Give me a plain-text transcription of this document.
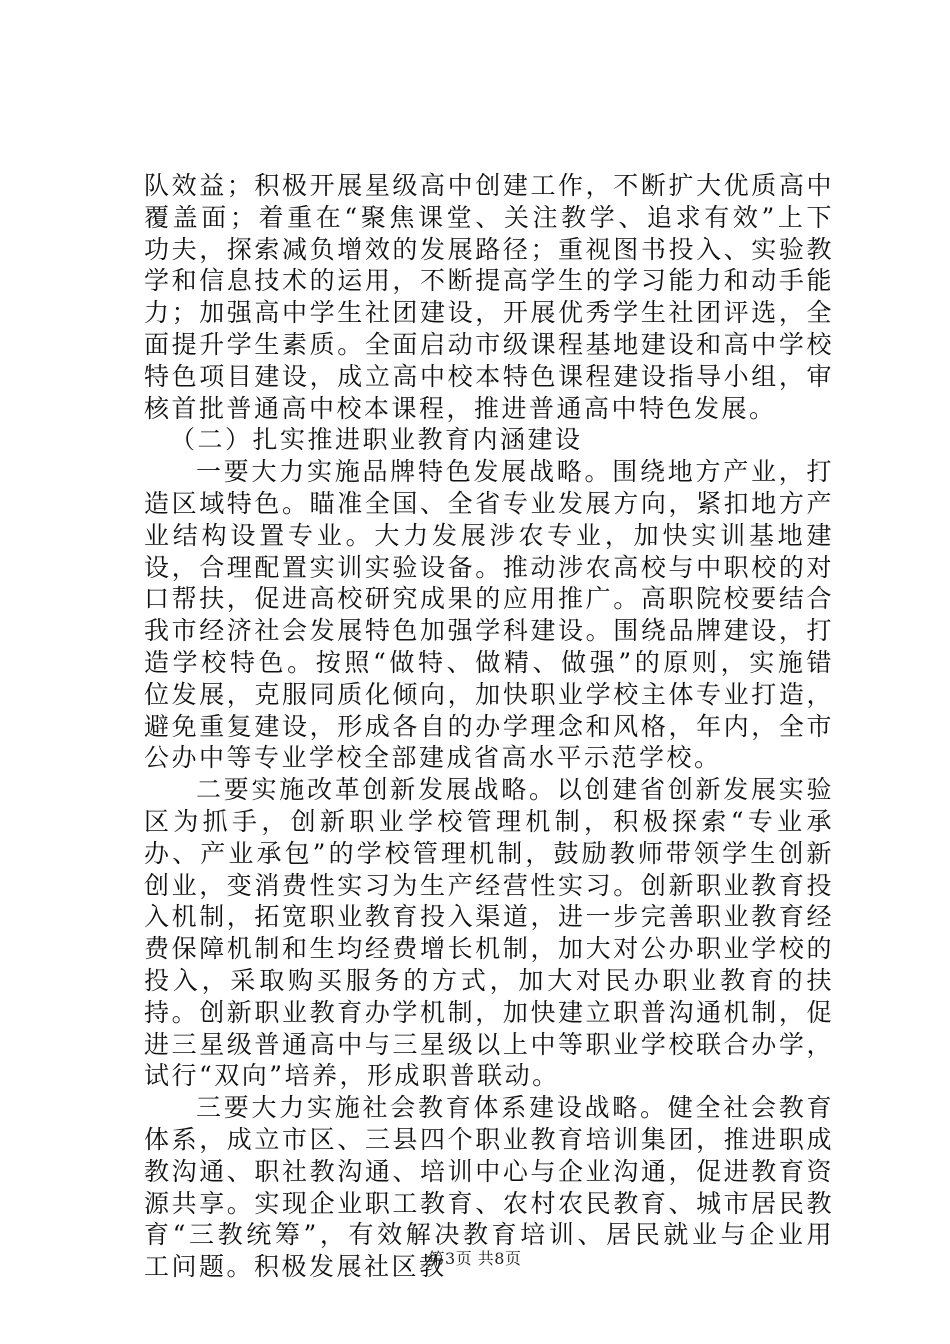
队效益；积极开展星级高中创建工作，不断扩大优质高中覆盖面；着重在“聚焦课堂、关注教学、追求有效”上下功夫，探索减负增效的发展路径；重视图书投入、实验教学和信息技术的运用，不断提高学生的学习能力和动手能力；加强高中学生社团建设，开展优秀学生社团评选，全面提升学生素质。全面启动市级课程基地建设和高中学校特色项目建设，成立高中校本特色课程建设指导小组，审核首批普通高中校本课程，推进普通高中特色发展。

（二）扎实推进职业教育内涵建设

一要大力实施品牌特色发展战略。围绕地方产业，打造区域特色。瞄准全国、全省专业发展方向，紧扣地方产业结构设置专业。大力发展涉农专业，加快实训基地建设，合理配置实训实验设备。推动涉农高校与中职校的对口帮扶，促进高校研究成果的应用推广。高职院校要结合我市经济社会发展特色加强学科建设。围绕品牌建设，打造学校特色。按照“做特、做精、做强”的原则，实施错位发展，克服同质化倾向，加快职业学校主体专业打造，避免重复建设，形成各自的办学理念和风格，年内，全市公办中等专业学校全部建成省高水平示范学校。

二要实施改革创新发展战略。以创建省创新发展实验区为抓手，创新职业学校管理机制，积极探索“专业承办、产业承包”的学校管理机制，鼓励教师带领学生创新创业，变消费性实习为生产经营性实习。创新职业教育投入机制，拓宽职业教育投入渠道，进一步完善职业教育经费保障机制和生均经费增长机制，加大对公办职业学校的投入，采取购买服务的方式，加大对民办职业教育的扶持。创新职业教育办学机制，加快建立职普沟通机制，促进三星级普通高中与三星级以上中等职业学校联合办学，试行“双向”培养，形成职普联动。

三要大力实施社会教育体系建设战略。健全社会教育体系，成立市区、三县四个职业教育培训集团，推进职成教沟通、职社教沟通、培训中心与企业沟通，促进教育资源共享。实现企业职工教育、农村农民教育、城市居民教育“三教统筹”，有效解决教育培训、居民就业与企业用工问题。积极发展社区教

第3页 共8页
